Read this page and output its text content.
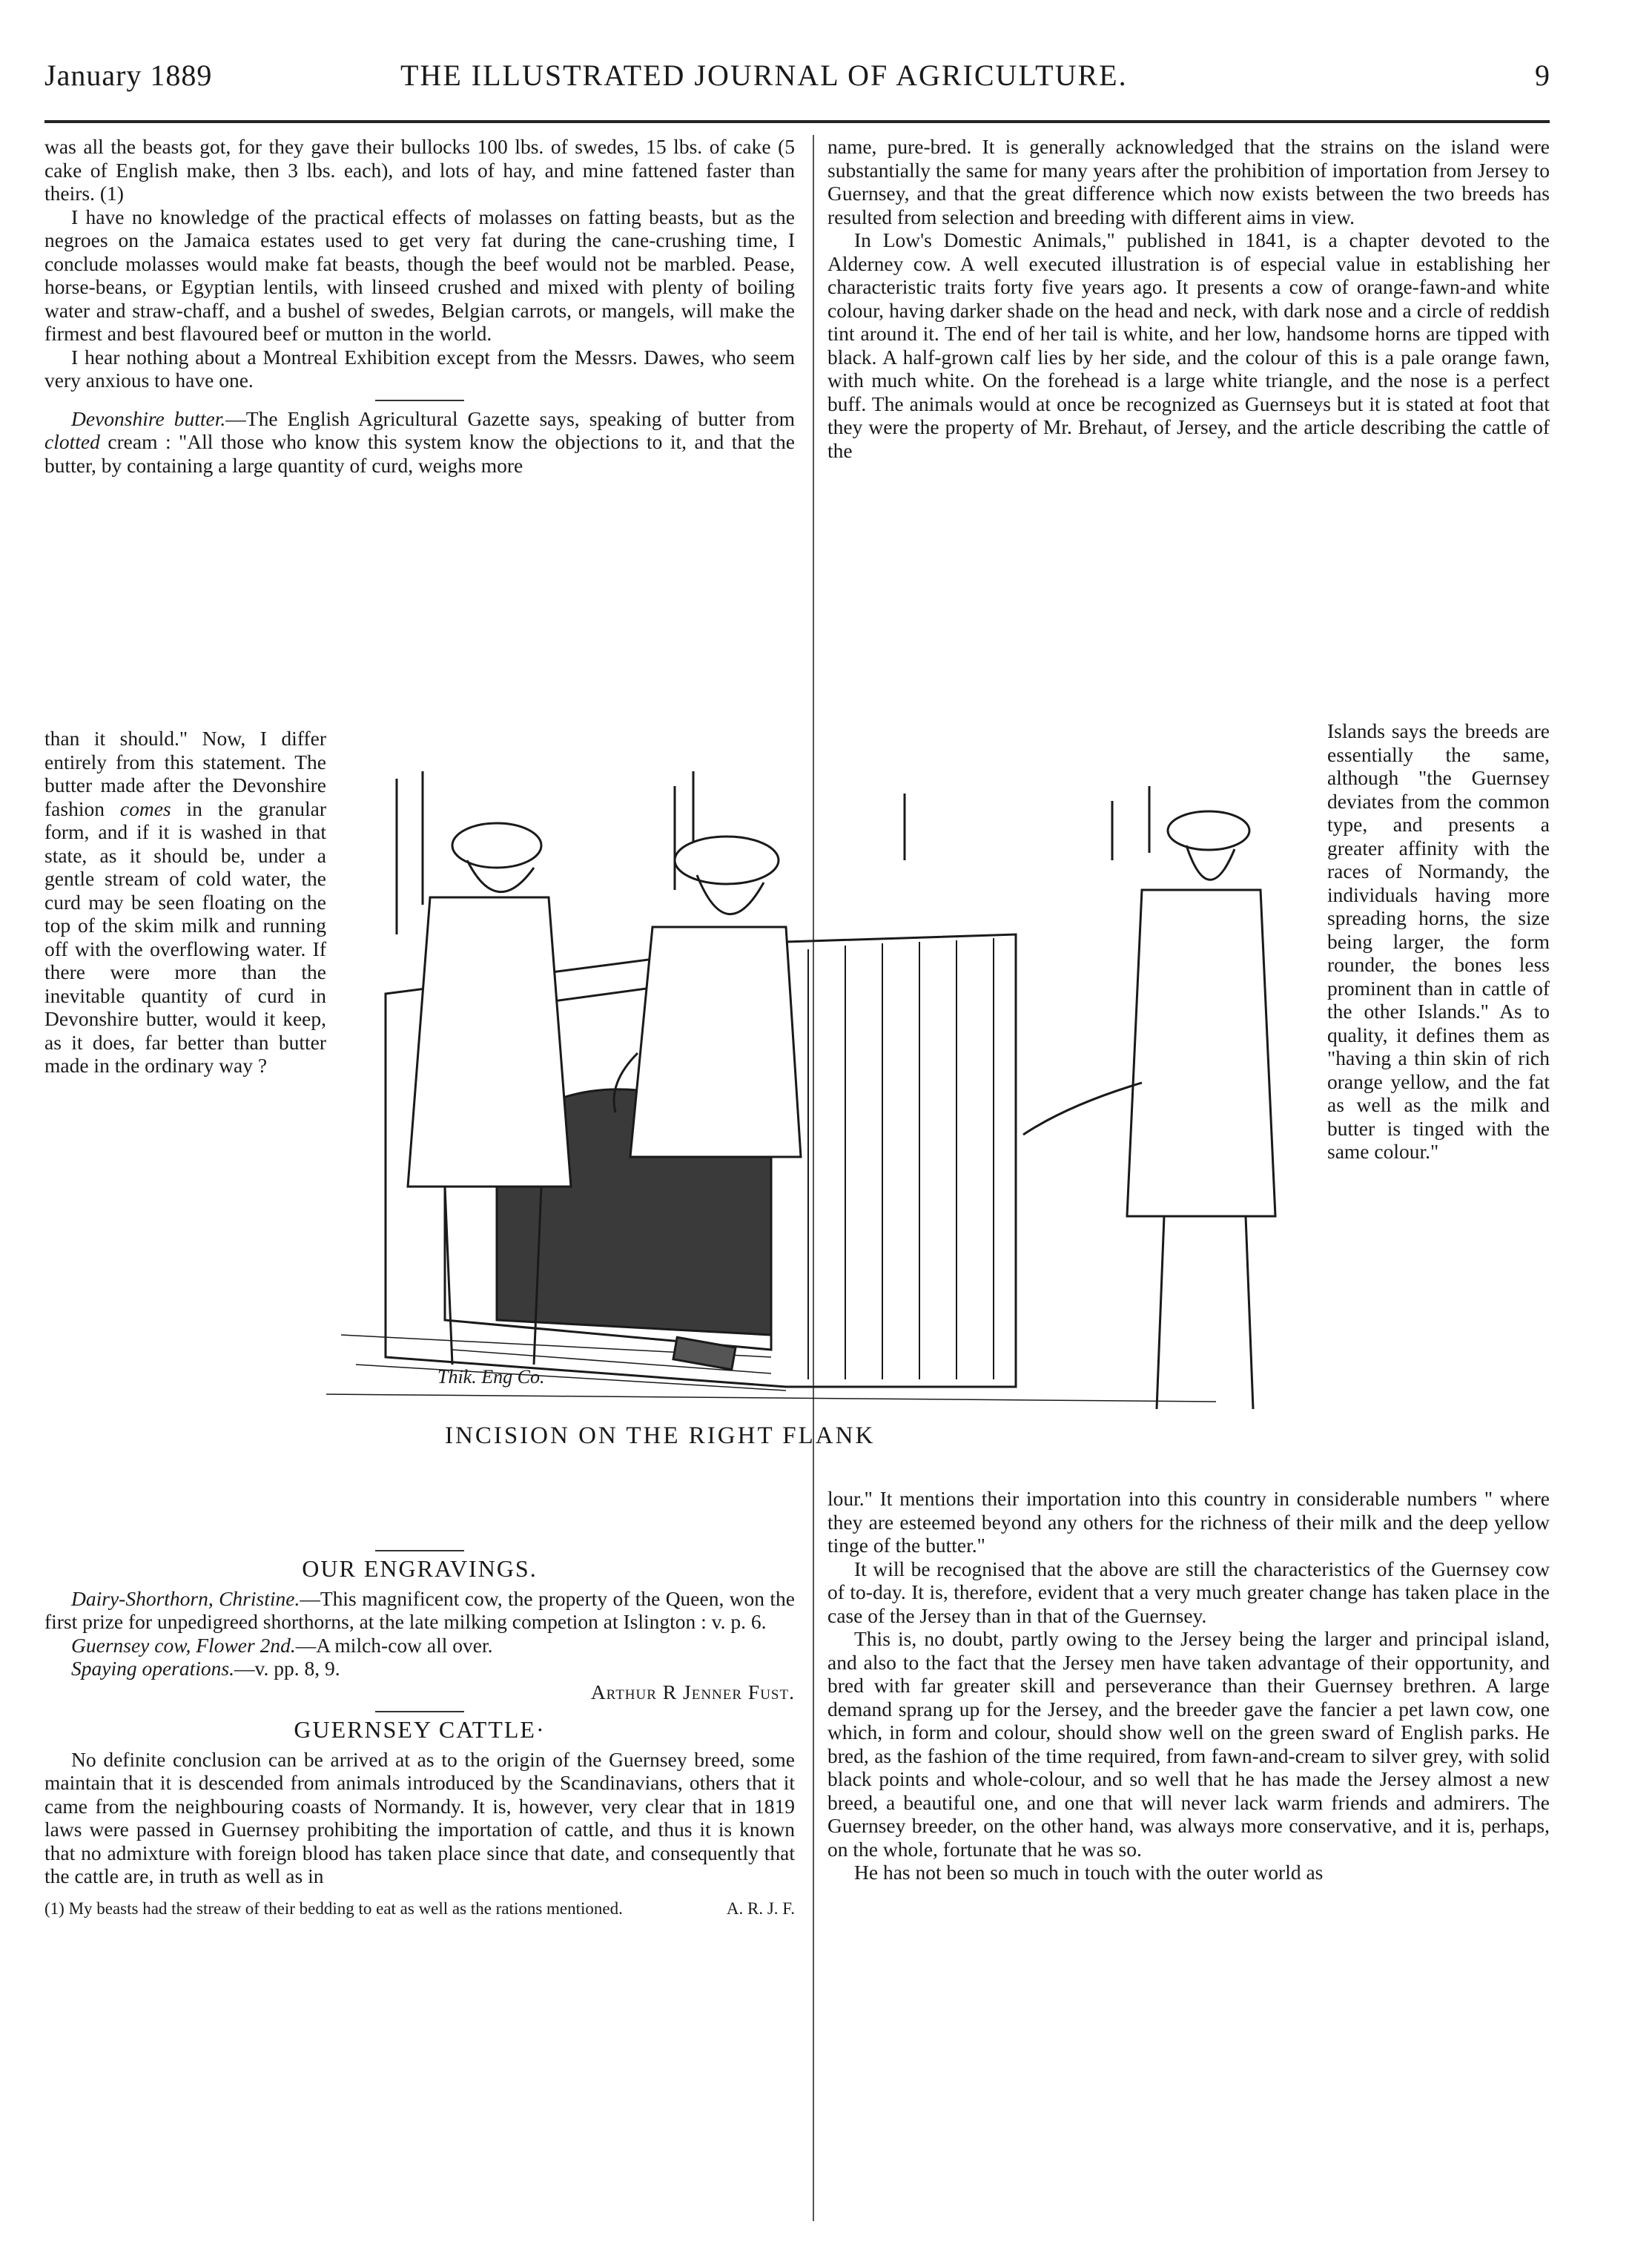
January 1889	THE ILLUSTRATED JOURNAL OF AGRICULTURE.	9

was all the beasts got, for they gave their bullocks 100 lbs. of swedes, 15 lbs. of cake (5 cake of English make, then 3 lbs. each), and lots of hay, and mine fattened faster than theirs. (1)

I have no knowledge of the practical effects of molasses on fatting beasts, but as the negroes on the Jamaica estates used to get very fat during the cane-crushing time, I conclude molasses would make fat beasts, though the beef would not be marbled. Pease, horse-beans, or Egyptian lentils, with linseed crushed and mixed with plenty of boiling water and straw-chaff, and a bushel of swedes, Belgian carrots, or mangels, will make the firmest and best flavoured beef or mutton in the world.

I hear nothing about a Montreal Exhibition except from the Messrs. Dawes, who seem very anxious to have one.

Devonshire butter.—The English Agricultural Gazette says, speaking of butter from clotted cream : "All those who know this system know the objections to it, and that the butter, by containing a large quantity of curd, weighs more

than it should." Now, I differ entirely from this statement. The butter made after the Devonshire fashion comes in the granular form, and if it is washed in that state, as it should be, under a gentle stream of cold water, the curd may be seen floating on the top of the skim milk and running off with the overflowing water. If there were more than the inevitable quantity of curd in Devonshire butter, would it keep, as it does, far better than butter made in the ordinary way ?
Thik. Eng Co.
INCISION ON THE RIGHT FLANK
OUR ENGRAVINGS.

Dairy-Shorthorn, Christine.—This magnificent cow, the property of the Queen, won the first prize for unpedigreed shorthorns, at the late milking competion at Islington : v. p. 6.

Guernsey cow, Flower 2nd.—A milch-cow all over.

Spaying operations.—v. pp. 8, 9.

Arthur R Jenner Fust.
GUERNSEY CATTLE·

No definite conclusion can be arrived at as to the origin of the Guernsey breed, some maintain that it is descended from animals introduced by the Scandinavians, others that it came from the neighbouring coasts of Normandy. It is, however, very clear that in 1819 laws were passed in Guernsey prohibiting the importation of cattle, and thus it is known that no admixture with foreign blood has taken place since that date, and consequently that the cattle are, in truth as well as in

(1) My beasts had the streaw of their bedding to eat as well as the rations mentioned.	A. R. J. F.

name, pure-bred. It is generally acknowledged that the strains on the island were substantially the same for many years after the prohibition of importation from Jersey to Guernsey, and that the great difference which now exists between the two breeds has resulted from selection and breeding with different aims in view.

In Low's Domestic Animals," published in 1841, is a chapter devoted to the Alderney cow. A well executed illustration is of especial value in establishing her characteristic traits forty five years ago. It presents a cow of orange-fawn-and white colour, having darker shade on the head and neck, with dark nose and a circle of reddish tint around it. The end of her tail is white, and her low, handsome horns are tipped with black. A half-grown calf lies by her side, and the colour of this is a pale orange fawn, with much white. On the forehead is a large white triangle, and the nose is a perfect buff. The animals would at once be recognized as Guernseys but it is stated at foot that they were the property of Mr. Brehaut, of Jersey, and the article describing the cattle of the

Islands says the breeds are essentially the same, although "the Guernsey deviates from the common type, and presents a greater affinity with the races of Normandy, the individuals having more spreading horns, the size being larger, the form rounder, the bones less prominent than in cattle of the other Islands." As to quality, it defines them as "having a thin skin of rich orange yellow, and the fat as well as the milk and butter is tinged with the same colour."

lour." It mentions their importation into this country in considerable numbers " where they are esteemed beyond any others for the richness of their milk and the deep yellow tinge of the butter."

It will be recognised that the above are still the characteristics of the Guernsey cow of to-day. It is, therefore, evident that a very much greater change has taken place in the case of the Jersey than in that of the Guernsey.

This is, no doubt, partly owing to the Jersey being the larger and principal island, and also to the fact that the Jersey men have taken advantage of their opportunity, and bred with far greater skill and perseverance than their Guernsey brethren. A large demand sprang up for the Jersey, and the breeder gave the fancier a pet lawn cow, one which, in form and colour, should show well on the green sward of English parks. He bred, as the fashion of the time required, from fawn-and-cream to silver grey, with solid black points and whole-colour, and so well that he has made the Jersey almost a new breed, a beautiful one, and one that will never lack warm friends and admirers. The Guernsey breeder, on the other hand, was always more conservative, and it is, perhaps, on the whole, fortunate that he was so.

He has not been so much in touch with the outer world as
